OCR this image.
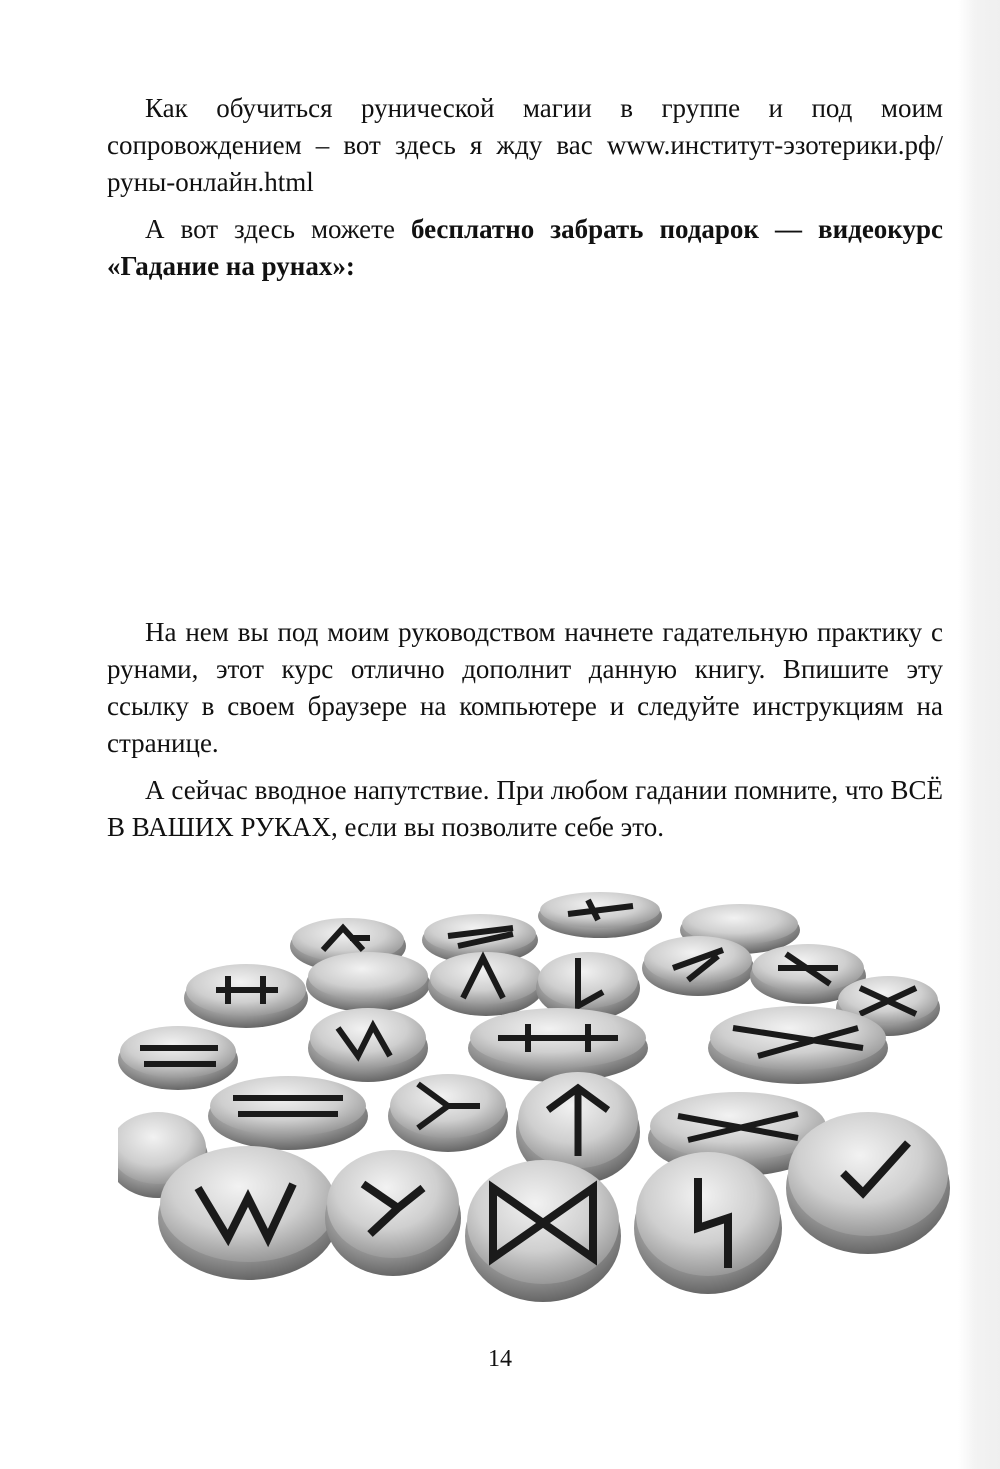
Как обучиться рунической магии в группе и под моим сопровождением – вот здесь я жду вас www.институт-эзотерики.рф/руны-онлайн.html

А вот здесь можете бесплатно забрать подарок — видеокурс «Гадание на рунах»:

На нем вы под моим руководством начнете гадательную практику с рунами, этот курс отлично дополнит данную книгу. Впишите эту ссылку в своем браузере на компьютере и следуйте инструкциям на странице.

А сейчас вводное напутствие. При любом гадании помните, что ВСЁ В ВАШИХ РУКАХ, если вы позволите себе это.

14
